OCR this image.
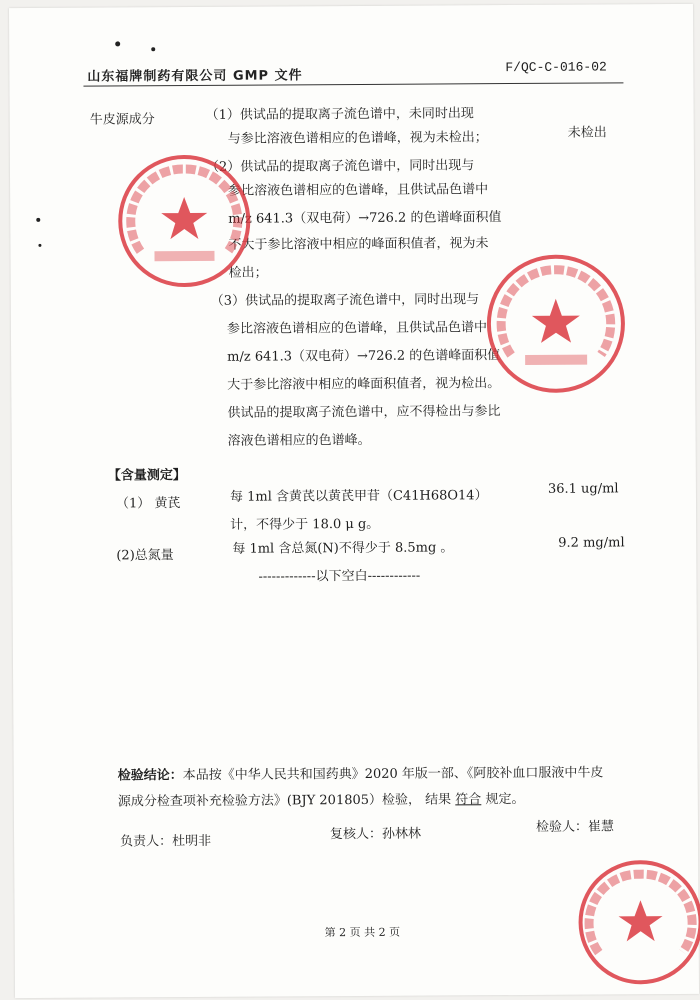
山东福牌制药有限公司 GMP 文件
F/QC-C-016-02
牛皮源成分	（1）供试品的提取离子流色谱中，未同时出现
与参比溶液色谱相应的色谱峰，视为未检出；	未检出
（2）供试品的提取离子流色谱中，同时出现与
参比溶液色谱相应的色谱峰，且供试品色谱中
m/z 641.3（双电荷）→726.2 的色谱峰面积值
不大于参比溶液中相应的峰面积值者，视为未
检出；
（3）供试品的提取离子流色谱中，同时出现与
参比溶液色谱相应的色谱峰，且供试品色谱中
m/z 641.3（双电荷）→726.2 的色谱峰面积值
大于参比溶液中相应的峰面积值者，视为检出。
供试品的提取离子流色谱中，应不得检出与参比
溶液色谱相应的色谱峰。
【含量测定】
（1） 黄芪	每 1ml 含黄芪以黄芪甲苷（C41H68O14）	36.1 ug/ml
计，不得少于 18.0 μ g。
(2)总氮量	每 1ml 含总氮(N)不得少于 8.5mg 。	9.2 mg/ml
-------------以下空白------------
检验结论：本品按《中华人民共和国药典》2020 年版一部、《阿胶补血口服液中牛皮
源成分检查项补充检验方法》(BJY 201805）检验， 结果 符合 规定。
负责人：杜明非	复核人：孙林林	检验人：崔慧
第 2 页 共 2 页
